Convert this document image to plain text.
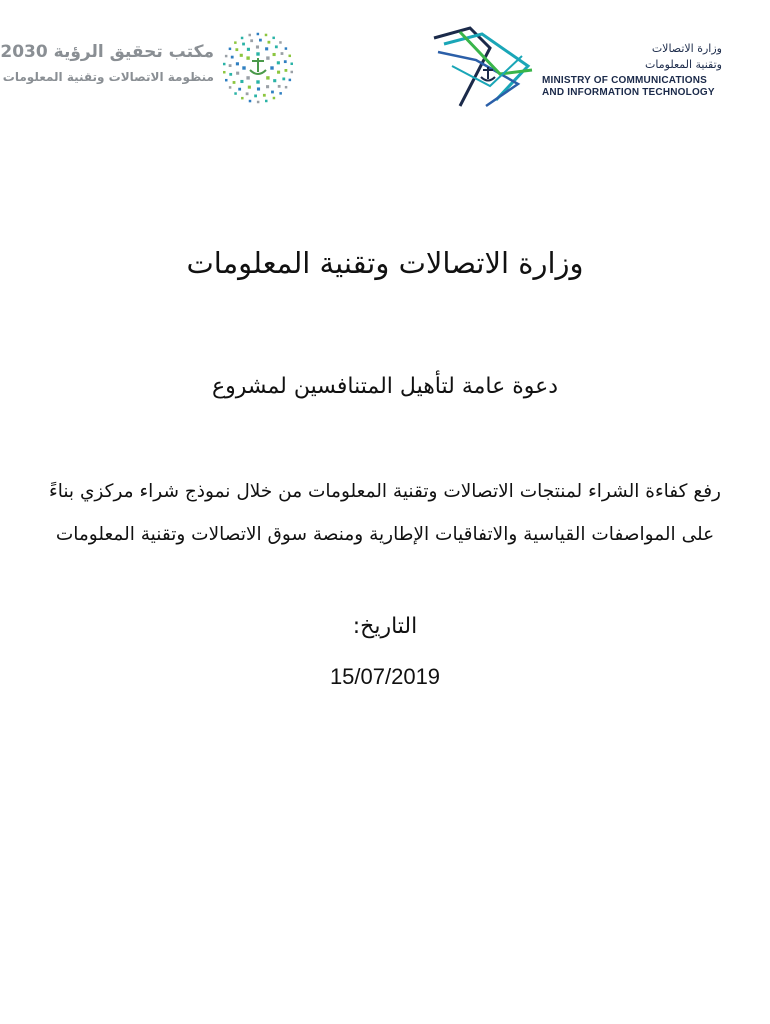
مكتب تحقيق الرؤية 2030
منظومة الاتصالات وتقنية المعلومات
وزارة الاتصالات
وتقنية المعلومات
MINISTRY OF COMMUNICATIONS
AND INFORMATION TECHNOLOGY
وزارة الاتصالات وتقنية المعلومات
دعوة عامة لتأهيل المتنافسين لمشروع
رفع كفاءة الشراء لمنتجات الاتصالات وتقنية المعلومات من خلال نموذج شراء مركزي بناءً
على المواصفات القياسية والاتفاقيات الإطارية ومنصة سوق الاتصالات وتقنية المعلومات
التاريخ:
15/07/2019
